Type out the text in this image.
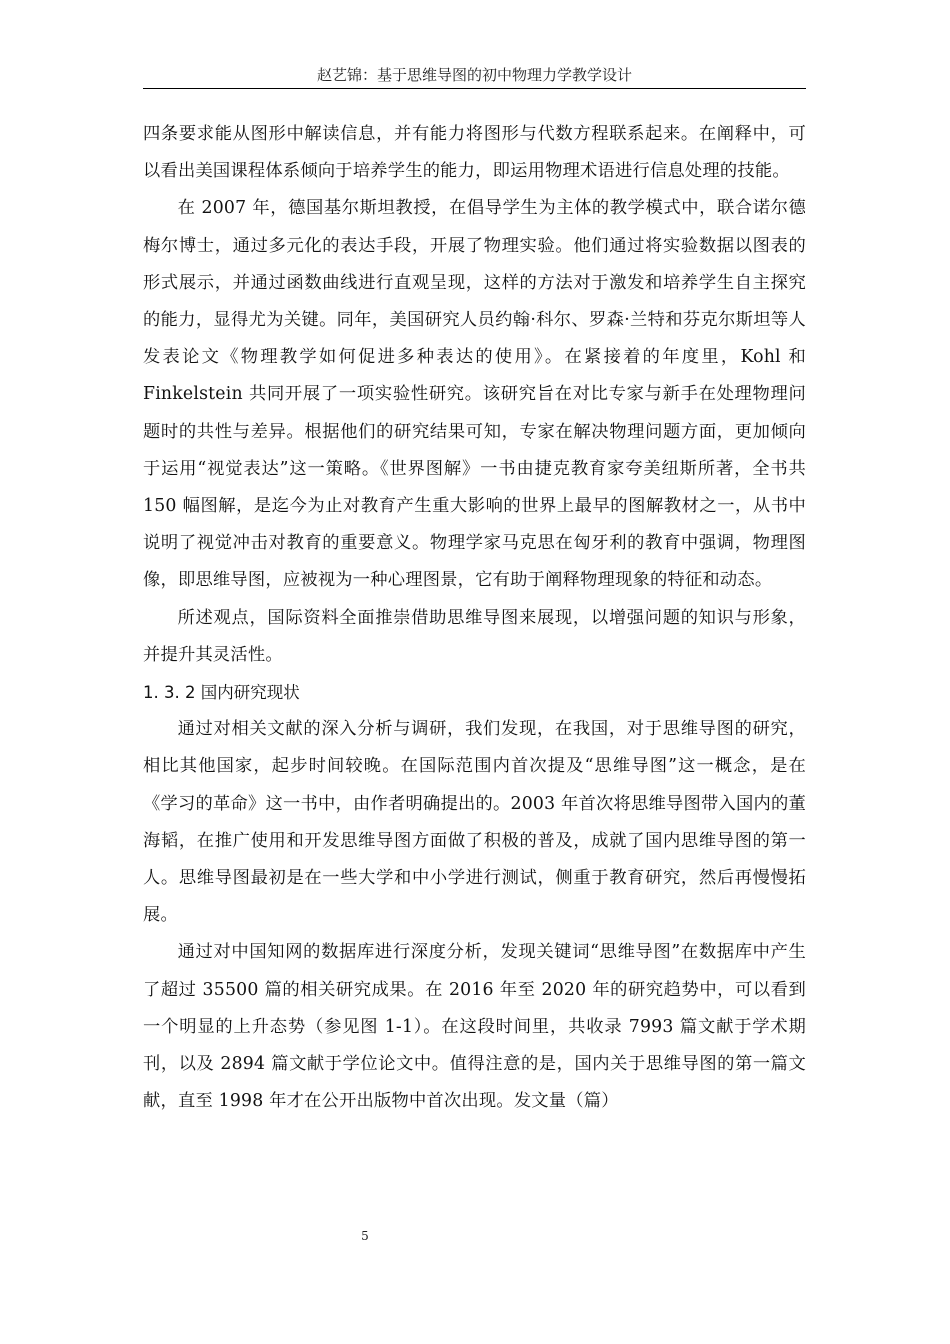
赵艺锦：基于思维导图的初中物理力学教学设计

四条要求能从图形中解读信息，并有能力将图形与代数方程联系起来。在阐释中，可以看出美国课程体系倾向于培养学生的能力，即运用物理术语进行信息处理的技能。

在 2007 年，德国基尔斯坦教授，在倡导学生为主体的教学模式中，联合诺尔德梅尔博士，通过多元化的表达手段，开展了物理实验。他们通过将实验数据以图表的形式展示，并通过函数曲线进行直观呈现，这样的方法对于激发和培养学生自主探究的能力，显得尤为关键。同年，美国研究人员约翰·科尔、罗森·兰特和芬克尔斯坦等人发表论文《物理教学如何促进多种表达的使用》。在紧接着的年度里，Kohl 和 Finkelstein 共同开展了一项实验性研究。该研究旨在对比专家与新手在处理物理问题时的共性与差异。根据他们的研究结果可知，专家在解决物理问题方面，更加倾向于运用“视觉表达”这一策略。《世界图解》一书由捷克教育家夸美纽斯所著，全书共 150 幅图解，是迄今为止对教育产生重大影响的世界上最早的图解教材之一，从书中说明了视觉冲击对教育的重要意义。物理学家马克思在匈牙利的教育中强调，物理图像，即思维导图，应被视为一种心理图景，它有助于阐释物理现象的特征和动态。

所述观点，国际资料全面推崇借助思维导图来展现，以增强问题的知识与形象，并提升其灵活性。

1. 3. 2 国内研究现状

通过对相关文献的深入分析与调研，我们发现，在我国，对于思维导图的研究，相比其他国家，起步时间较晚。在国际范围内首次提及“思维导图”这一概念，是在《学习的革命》这一书中，由作者明确提出的。2003 年首次将思维导图带入国内的董海韬，在推广使用和开发思维导图方面做了积极的普及，成就了国内思维导图的第一人。思维导图最初是在一些大学和中小学进行测试，侧重于教育研究，然后再慢慢拓展。

通过对中国知网的数据库进行深度分析，发现关键词“思维导图”在数据库中产生了超过 35500 篇的相关研究成果。在 2016 年至 2020 年的研究趋势中，可以看到一个明显的上升态势（参见图 1-1）。在这段时间里，共收录 7993 篇文献于学术期刊，以及 2894 篇文献于学位论文中。值得注意的是，国内关于思维导图的第一篇文献，直至 1998 年才在公开出版物中首次出现。发文量（篇）

5
